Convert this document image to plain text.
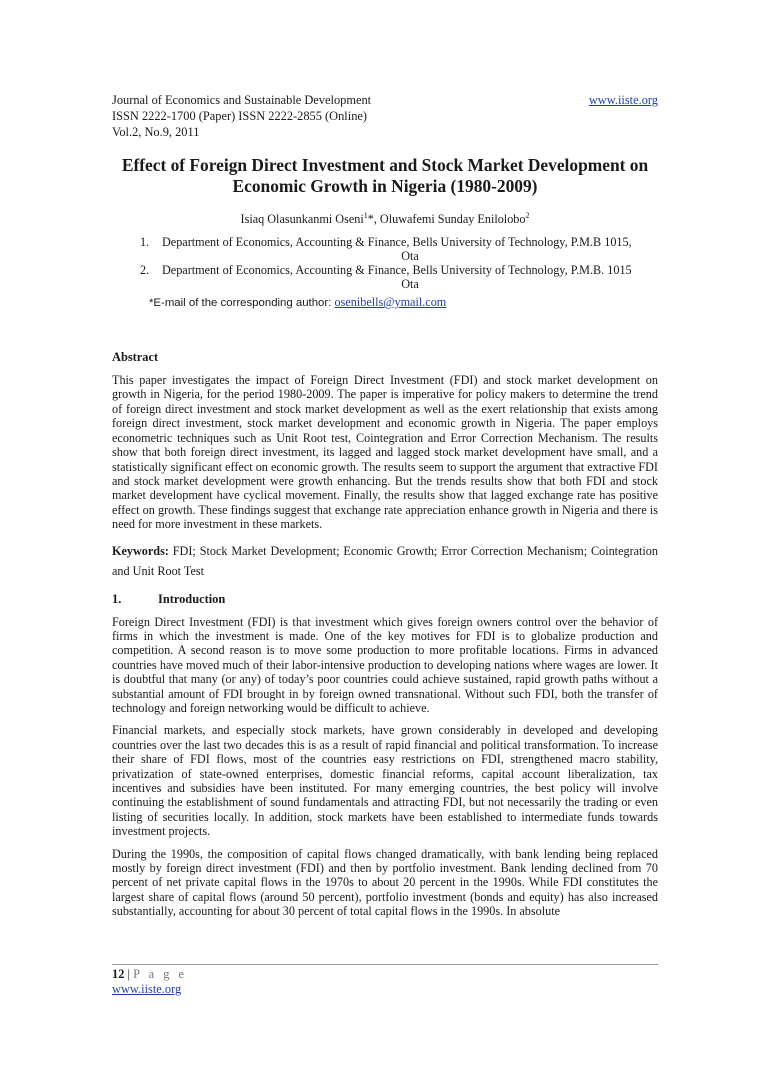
Journal of Economics and Sustainable Development	www.iiste.org
ISSN 2222-1700 (Paper) ISSN 2222-2855 (Online)
Vol.2, No.9, 2011
Effect of Foreign Direct Investment and Stock Market Development on
Economic Growth in Nigeria (1980-2009)
Isiaq Olasunkanmi Oseni$^1$*, Oluwafemi Sunday Enilolobo$^2$
1. Department of Economics, Accounting & Finance, Bells University of Technology, P.M.B 1015,
Ota
2. Department of Economics, Accounting & Finance, Bells University of Technology, P.M.B. 1015
Ota
*E-mail of the corresponding author: osenibells@ymail.com
Abstract
This paper investigates the impact of Foreign Direct Investment (FDI) and stock market development on growth in Nigeria, for the period 1980-2009. The paper is imperative for policy makers to determine the trend of foreign direct investment and stock market development as well as the exert relationship that exists among foreign direct investment, stock market development and economic growth in Nigeria. The paper employs econometric techniques such as Unit Root test, Cointegration and Error Correction Mechanism. The results show that both foreign direct investment, its lagged and lagged stock market development have small, and a statistically significant effect on economic growth. The results seem to support the argument that extractive FDI and stock market development were growth enhancing. But the trends results show that both FDI and stock market development have cyclical movement. Finally, the results show that lagged exchange rate has positive effect on growth. These findings suggest that exchange rate appreciation enhance growth in Nigeria and there is need for more investment in these markets.
Keywords: FDI; Stock Market Development; Economic Growth; Error Correction Mechanism; Cointegration and Unit Root Test
1.	Introduction
Foreign Direct Investment (FDI) is that investment which gives foreign owners control over the behavior of firms in which the investment is made. One of the key motives for FDI is to globalize production and competition. A second reason is to move some production to more profitable locations. Firms in advanced countries have moved much of their labor-intensive production to developing nations where wages are lower. It is doubtful that many (or any) of today’s poor countries could achieve sustained, rapid growth paths without a substantial amount of FDI brought in by foreign owned transnational. Without such FDI, both the transfer of technology and foreign networking would be difficult to achieve.
Financial markets, and especially stock markets, have grown considerably in developed and developing countries over the last two decades this is as a result of rapid financial and political transformation. To increase their share of FDI flows, most of the countries easy restrictions on FDI, strengthened macro stability, privatization of state-owned enterprises, domestic financial reforms, capital account liberalization, tax incentives and subsidies have been instituted. For many emerging countries, the best policy will involve continuing the establishment of sound fundamentals and attracting FDI, but not necessarily the trading or even listing of securities locally. In addition, stock markets have been established to intermediate funds towards investment projects.
During the 1990s, the composition of capital flows changed dramatically, with bank lending being replaced mostly by foreign direct investment (FDI) and then by portfolio investment. Bank lending declined from 70 percent of net private capital flows in the 1970s to about 20 percent in the 1990s. While FDI constitutes the largest share of capital flows (around 50 percent), portfolio investment (bonds and equity) has also increased substantially, accounting for about 30 percent of total capital flows in the 1990s. In absolute
12 | P a g e
www.iiste.org
